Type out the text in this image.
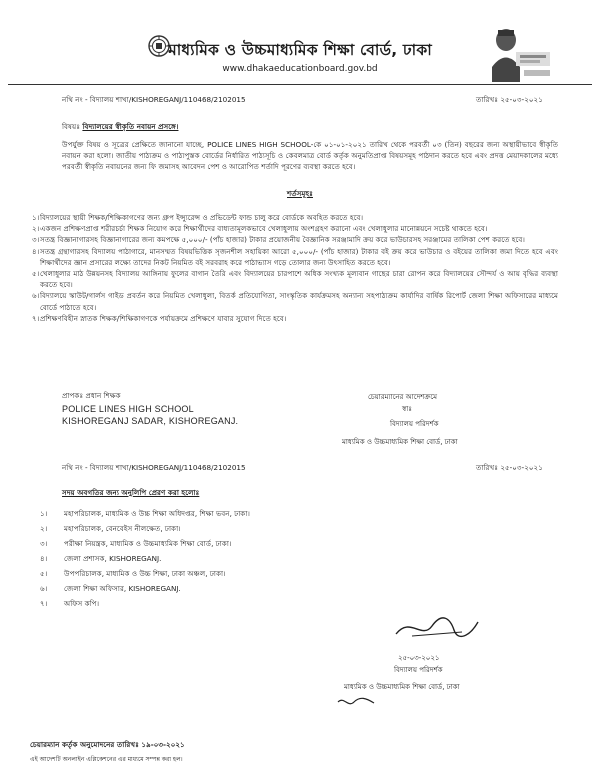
মাধ্যমিক ও উচ্চমাধ্যমিক শিক্ষা বোর্ড, ঢাকা
www.dhakaeducationboard.gov.bd
নথি নং - বিদ্যালয় শাখা/KISHOREGANJ/110468/2102015	তারিখঃ ২৫-০৩-২০২১
বিষয়ঃ বিদ্যালয়ের স্বীকৃতি নবায়ন প্রসঙ্গে।
উপর্যুক্ত বিষয় ও সূত্রের প্রেক্ষিতে জানানো যাচ্ছে, POLICE LINES HIGH SCHOOL-কে ০১-০১-২০২১ তারিখ থেকে পরবর্তী ০৩ (তিন) বছরের জন্য অস্থায়ীভাবে স্বীকৃতি নবায়ন করা হলো। জাতীয় পাঠ্যক্রম ও পাঠ্যপুস্তক বোর্ডের নির্ধারিত পাঠ্যসূচি ও কেবলমাত্র বোর্ড কর্তৃক অনুমতিপ্রাপ্ত বিষয়সমূহ পাঠদান করতে হবে এবং প্রদত্ত মেয়াদকালের মধ্যে পরবর্তী স্বীকৃতি নবায়নের জন্য ফি জমাসহ আবেদন পেশ ও আরোপিত শর্তাদি পূরণের ব্যবস্থা করতে হবে।
শর্তসমূহঃ
১। বিদ্যালয়ের স্থায়ী শিক্ষক/শিক্ষিকাগণের জন্য গ্রুপ ইন্স্যুরেন্স ও প্রভিডেন্ট ফান্ড চালু করে বোর্ডকে অবহিত করতে হবে।
২। একজন প্রশিক্ষণপ্রাপ্ত শরীরচর্চা শিক্ষক নিয়োগ করে শিক্ষার্থীদের বাধ্যতামূলকভাবে খেলাধুলায় অংশগ্রহণ করানো এবং খেলাধুলার মানোন্নয়নে সচেষ্ট থাকতে হবে।
৩। সতন্ত্র বিজ্ঞানাগারসহ বিজ্ঞানাগারের জন্য কমপক্ষে ৫,০০০/- (পাঁচ হাজার) টাকার প্রয়োজনীয় বৈজ্ঞানিক সরঞ্জামাদি ক্রয় করে ভাউচারসহ সরঞ্জামের তালিকা পেশ করতে হবে।
৪। সতন্ত্র গ্রন্থাগারসহ বিদ্যালয় পাঠাগারে, মানসম্মত বিষয়ভিত্তিক সৃজনশীল সহায়িকা আরো ৫,০০০/- (পাঁচ হাজার) টাকার বই ক্রয় করে ভাউচার ও বইয়ের তালিকা জমা দিতে হবে এবং শিক্ষার্থীদের জ্ঞান প্রসারের লক্ষ্যে তাদের নিকট নিয়মিত বই সরবরাহ করে পাঠাভ্যাস গড়ে তোলার জন্য উৎসাহিত করতে হবে।
৫। খেলাধুলার মাঠ উন্নয়নসহ বিদ্যালয় আঙ্গিনায় ফুলের বাগান তৈরি এবং বিদ্যালয়ের চারপাশে অধিক সংখ্যক মূল্যবান গাছের চারা রোপন করে বিদ্যালয়ের সৌন্দর্য ও আয় বৃদ্ধির ব্যবস্থা করতে হবে।
৬। বিদ্যালয়ে স্কাউট/গার্লস গাইড প্রবর্তন করে নিয়মিত খেলাধুলা, বিতর্ক প্রতিযোগিতা, সাংস্কৃতিক কার্যক্রমসহ অন্যান্য সহপাঠ্যক্রম কার্যাদির বার্ষিক রিপোর্ট জেলা শিক্ষা অফিসারের মাধ্যমে বোর্ডে পাঠাতে হবে।
৭। প্রশিক্ষণবিহীন স্নাতক শিক্ষক/শিক্ষিকাগণকে পর্যায়ক্রমে প্রশিক্ষণে যাবার সুযোগ দিতে হবে।
প্রাপকঃ প্রধান শিক্ষক
POLICE LINES HIGH SCHOOL
KISHOREGANJ SADAR, KISHOREGANJ.
চেয়ারম্যানের আদেশক্রমে
স্বাঃ
বিদ্যালয় পরিদর্শক
মাধ্যমিক ও উচ্চমাধ্যমিক শিক্ষা বোর্ড, ঢাকা
নথি নং - বিদ্যালয় শাখা/KISHOREGANJ/110468/2102015	তারিখঃ ২৫-০৩-২০২১
সদয় অবগতির জন্য অনুলিপি প্রেরণ করা হলোঃ
১। মহাপরিচালক, মাধ্যমিক ও উচ্চ শিক্ষা অধিদপ্তর, শিক্ষা ভবন, ঢাকা।
২। মহাপরিচালক, বেনবেইস নীলক্ষেত, ঢাকা।
৩। পরীক্ষা নিয়ন্ত্রক, মাধ্যমিক ও উচ্চমাধ্যমিক শিক্ষা বোর্ড, ঢাকা।
৪। জেলা প্রশাসক, KISHOREGANJ.
৫। উপপরিচালক, মাধ্যমিক ও উচ্চ শিক্ষা, ঢাকা অঞ্চল, ঢাকা।
৬। জেলা শিক্ষা অফিসার, KISHOREGANJ.
৭। অফিস কপি।
২৫-০৩-২০২১
বিদ্যালয় পরিদর্শক
মাধ্যমিক ও উচ্চমাধ্যমিক শিক্ষা বোর্ড, ঢাকা
চেয়ারম্যান কর্তৃক অনুমোদনের তারিখঃ ১৯-০৩-২০২১
এই আদেশটি অনলাইন এপ্লিকেশনের এর মাধ্যমে সম্পন্ন করা হল।
